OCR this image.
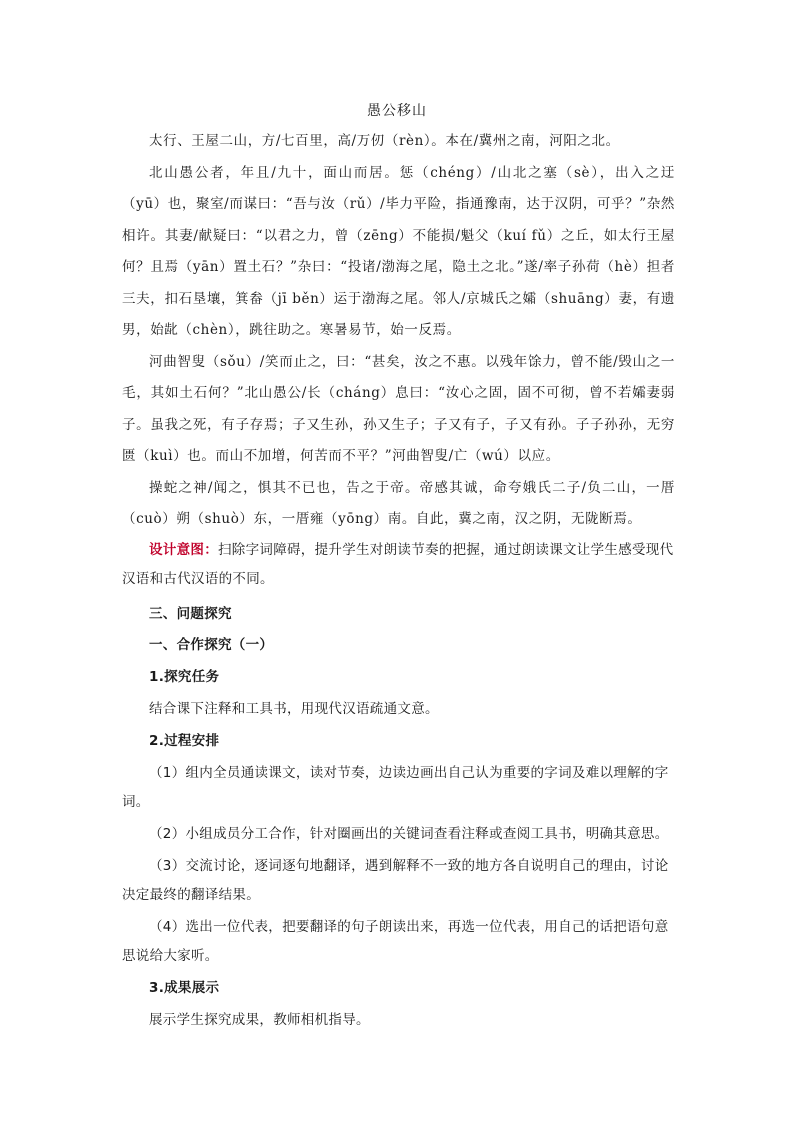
愚公移山

太行、王屋二山，方/七百里，高/万仞（rèn）。本在/冀州之南，河阳之北。

北山愚公者，年且/九十，面山而居。惩（chéng）/山北之塞（sè），出入之迂（yū）也，聚室/而谋曰：“吾与汝（rǔ）/毕力平险，指通豫南，达于汉阴，可乎？”杂然相许。其妻/献疑曰：“以君之力，曾（zēng）不能损/魁父（kuí fǔ）之丘，如太行王屋何？且焉（yān）置土石？”杂曰：“投诸/渤海之尾，隐土之北。”遂/率子孙荷（hè）担者三夫，扣石垦壤，箕畚（jī běn）运于渤海之尾。邻人/京城氏之孀（shuāng）妻，有遗男，始龀（chèn），跳往助之。寒暑易节，始一反焉。

河曲智叟（sǒu）/笑而止之，曰：“甚矣，汝之不惠。以残年馀力，曾不能/毁山之一毛，其如土石何？”北山愚公/长（cháng）息曰：“汝心之固，固不可彻，曾不若孀妻弱子。虽我之死，有子存焉；子又生孙，孙又生子；子又有子，子又有孙。子子孙孙，无穷匮（kuì）也。而山不加增，何苦而不平？”河曲智叟/亡（wú）以应。

操蛇之神/闻之，惧其不已也，告之于帝。帝感其诚，命夸娥氏二子/负二山，一厝（cuò）朔（shuò）东，一厝雍（yōng）南。自此，冀之南，汉之阴，无陇断焉。

设计意图：扫除字词障碍，提升学生对朗读节奏的把握，通过朗读课文让学生感受现代汉语和古代汉语的不同。

三、问题探究

一、合作探究（一）

1.探究任务

结合课下注释和工具书，用现代汉语疏通文意。

2.过程安排

（1）组内全员通读课文，读对节奏，边读边画出自己认为重要的字词及难以理解的字词。

（2）小组成员分工合作，针对圈画出的关键词查看注释或查阅工具书，明确其意思。

（3）交流讨论，逐词逐句地翻译，遇到解释不一致的地方各自说明自己的理由，讨论决定最终的翻译结果。

（4）选出一位代表，把要翻译的句子朗读出来，再选一位代表，用自己的话把语句意思说给大家听。

3.成果展示

展示学生探究成果，教师相机指导。
